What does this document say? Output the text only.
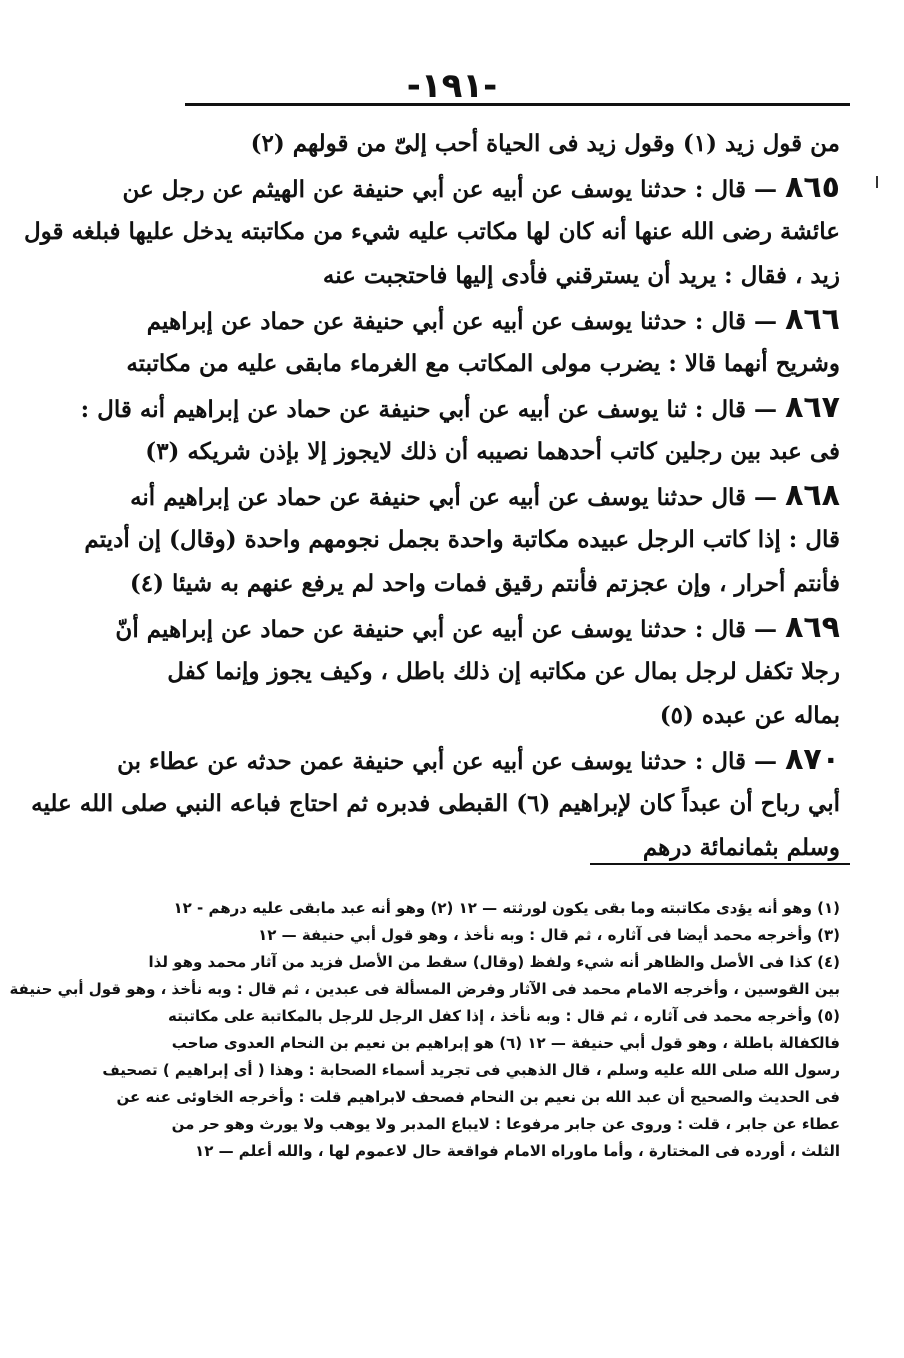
-١٩١-
من قول زيد (١) وقول زيد فى الحياة أحب إلىّ من قولهم (٢)
٨٦٥ — قال : حدثنا يوسف عن أبيه عن أبي حنيفة عن الهيثم عن رجل عن
عائشة رضى الله عنها أنه كان لها مكاتب عليه شيء من مكاتبته يدخل عليها فبلغه قول
زيد ، فقال : يريد أن يسترقني فأدى إليها فاحتجبت عنه
٨٦٦ — قال : حدثنا يوسف عن أبيه عن أبي حنيفة عن حماد عن إبراهيم
وشريح أنهما قالا : يضرب مولى المكاتب مع الغرماء مابقى عليه من مكاتبته
٨٦٧ — قال : ثنا يوسف عن أبيه عن أبي حنيفة عن حماد عن إبراهيم أنه قال :
فى عبد بين رجلين كاتب أحدهما نصيبه أن ذلك لايجوز إلا بإذن شريكه (٣)
٨٦٨ — قال حدثنا يوسف عن أبيه عن أبي حنيفة عن حماد عن إبراهيم أنه
قال : إذا كاتب الرجل عبيده مكاتبة واحدة بجمل نجومهم واحدة (وقال) إن أديتم
فأنتم أحرار ، وإن عجزتم فأنتم رقيق فمات واحد لم يرفع عنهم به شيئا (٤)
٨٦٩ — قال : حدثنا يوسف عن أبيه عن أبي حنيفة عن حماد عن إبراهيم أنّ
رجلا تكفل لرجل بمال عن مكاتبه إن ذلك باطل ، وكيف يجوز وإنما كفل
بماله عن عبده (٥)
٨٧٠ — قال : حدثنا يوسف عن أبيه عن أبي حنيفة عمن حدثه عن عطاء بن
أبي رباح أن عبداً كان لإبراهيم (٦) القبطى فدبره ثم احتاج فباعه النبي صلى الله عليه
وسلم بثمانمائة درهم
(١) وهو أنه يؤدى مكاتبته وما بقى يكون لورثته — ١٢ (٢) وهو أنه عبد مابقى عليه درهم - ١٢
(٣) وأخرجه محمد أيضا فى آثاره ، ثم قال : وبه نأخذ ، وهو قول أبي حنيفة — ١٢
(٤) كذا فى الأصل والظاهر أنه شيء ولفظ (وقال) سقط من الأصل فزيد من آثار محمد وهو لذا
بين القوسين ، وأخرجه الامام محمد فى الآثار وفرض المسألة فى عبدين ، ثم قال : وبه نأخذ ، وهو قول أبي حنيفة
(٥) وأخرجه محمد فى آثاره ، ثم قال : وبه نأخذ ، إذا كفل الرجل للرجل بالمكاتبة على مكاتبته
فالكفالة باطلة ، وهو قول أبي حنيفة — ١٢ (٦) هو إبراهيم بن نعيم بن النحام العدوى صاحب
رسول الله صلى الله عليه وسلم ، قال الذهبي فى تجريد أسماء الصحابة : وهذا ( أى إبراهيم ) تصحيف
فى الحديث والصحيح أن عبد الله بن نعيم بن النحام فصحف لابراهيم قلت : وأخرجه الخاوئى عنه عن
عطاء عن جابر ، قلت : وروى عن جابر مرفوعا : لايباع المدبر ولا يوهب ولا يورث وهو حر من
الثلث ، أورده فى المختارة ، وأما ماوراه الامام فواقعة حال لاعموم لها ، والله أعلم — ١٢
